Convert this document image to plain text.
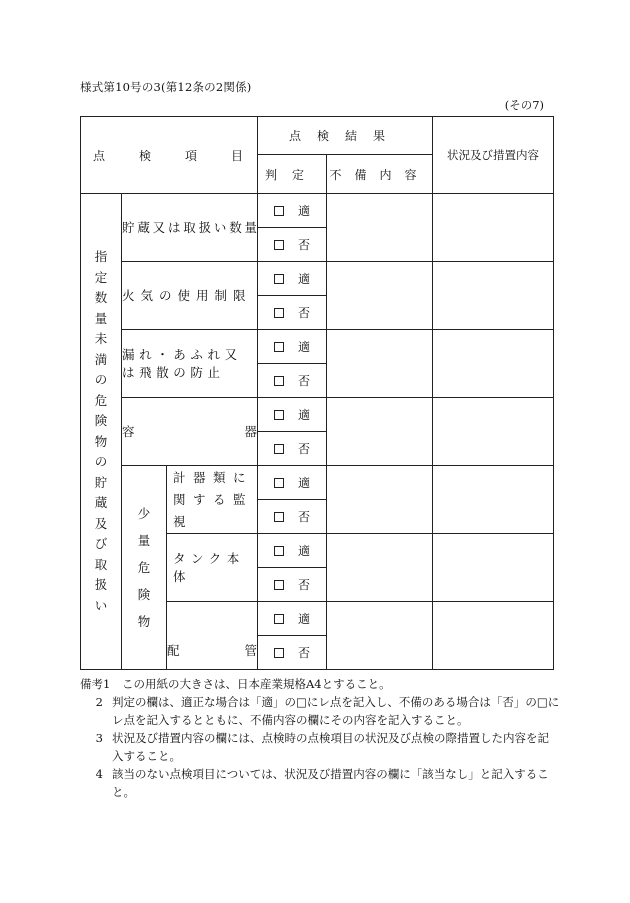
様式第10号の3(第12条の2関係)
(その7)
点 検 項 目			点検結果		状況及び措置内容
			判定	不備内容	
指定数量未満の危険物の貯蔵及び取扱い	貯蔵又は取扱い数量		適		
			否		
	火気の使用制限		適		
			否		
	漏れ・あふれ又は飛散の防止		適		
			否		
	容器		適		
			否		
	少量危険物	計器類に関する監視	適		
			否		
		タンク本体	適		
			否		
		配管	適		
			否		
備考1	この用紙の大きさは、日本産業規格A4とすること。
2 判定の欄は、適正な場合は「適」の□にレ点を記入し、不備のある場合は「否」の□にレ点を記入するとともに、不備内容の欄にその内容を記入すること。
3 状況及び措置内容の欄には、点検時の点検項目の状況及び点検の際措置した内容を記入すること。
4 該当のない点検項目については、状況及び措置内容の欄に「該当なし」と記入すること。
